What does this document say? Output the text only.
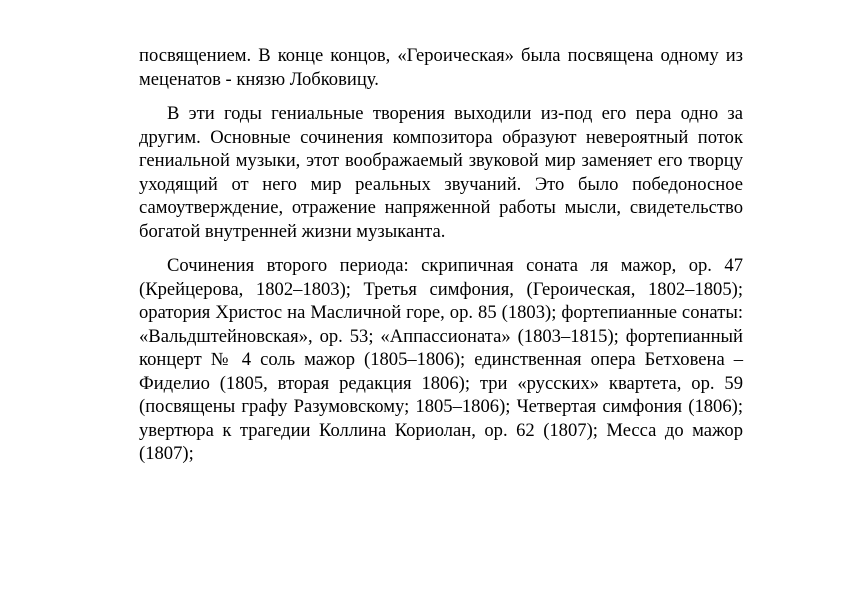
посвящением. В конце концов, «Героическая» была посвящена одному из меценатов - князю Лобковицу.

В эти годы гениальные творения выходили из-под его пера одно за другим. Основные сочинения композитора образуют невероятный поток гениальной музыки, этот воображаемый звуковой мир заменяет его творцу уходящий от него мир реальных звучаний. Это было победоносное самоутверждение, отражение напряженной работы мысли, свидетельство богатой внутренней жизни музыканта.

Сочинения второго периода: скрипичная соната ля мажор, ор. 47 (Крейцерова, 1802–1803); Третья симфония, (Героическая, 1802–1805); оратория Христос на Масличной горе, ор. 85 (1803); фортепианные сонаты: «Вальдштейновская», ор. 53; «Аппассионата» (1803–1815); фортепианный концерт № 4 соль мажор (1805–1806); единственная опера Бетховена – Фиделио (1805, вторая редакция 1806); три «русских» квартета, ор. 59 (посвящены графу Разумовскому; 1805–1806); Четвертая симфония (1806); увертюра к трагедии Коллина Кориолан, ор. 62 (1807); Месса до мажор (1807);
